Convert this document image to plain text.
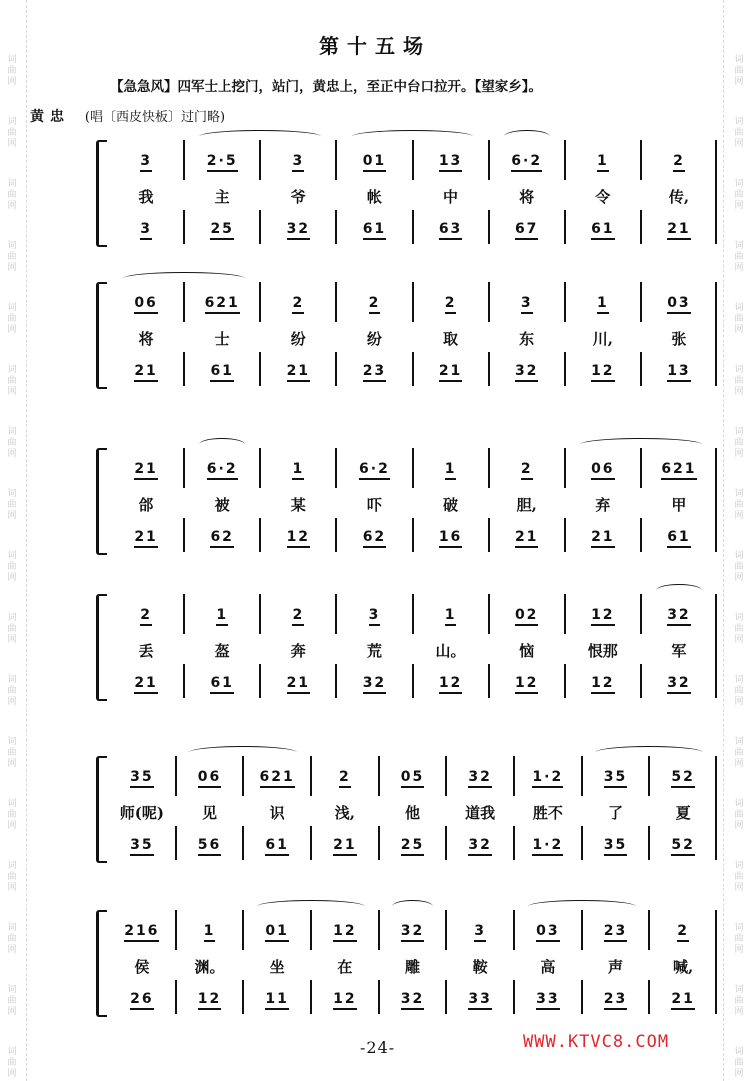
词曲网
词曲网
词曲网
词曲网
词曲网
词曲网
词曲网
词曲网
词曲网
词曲网
词曲网
词曲网
词曲网
词曲网
词曲网
词曲网
词曲网
词曲网
词曲网
词曲网
词曲网
词曲网
词曲网
词曲网
词曲网
词曲网
词曲网
词曲网
词曲网
词曲网
词曲网
词曲网
词曲网
词曲网
第十五场
【急急风】四军士上挖门，站门，黄忠上，至正中台口拉开。【望家乡】。
黄忠 (唱〔西皮快板〕过门略)
3	2·5	3	01	13	6·2	1	2
我	主	爷	帐	中	将	令	传,
3	25	32	61	63	67	61	21
06	621	2	2	2	3	1	03
将	士	纷	纷	取	东	川,	张
21	61	21	23	21	32	12	13
21	6·2	1	6·2	1	2	06	621
郃	被	某	吓	破	胆,	弃	甲
21	62	12	62	16	21	21	61
2	1	2	3	1	02	12	32
丢	盔	奔	荒	山。	恼	恨那	军
21	61	21	32	12	12	12	32
35	06	621	2	05	32	1·2	35	52
师(呢)	见	识	浅,	他	道我	胜不	了	夏
35	56	61	21	25	32	1·2	35	52
216	1	01	12	32	3	03	23	2
侯	渊。	坐	在	雕	鞍	高	声	喊,
26	12	11	12	32	33	33	23	21
-24-	WWW.KTVC8.COM
